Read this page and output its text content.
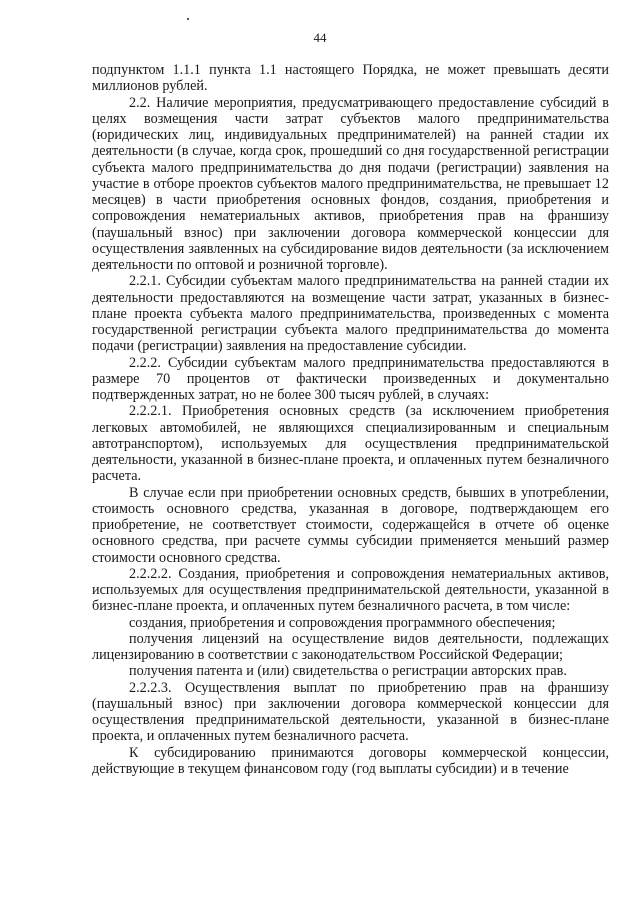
44

подпунктом 1.1.1 пункта 1.1 настоящего Порядка, не может превышать десяти миллионов рублей.

2.2. Наличие мероприятия, предусматривающего предоставление субсидий в целях возмещения части затрат субъектов малого предпринимательства (юридических лиц, индивидуальных предпринимателей) на ранней стадии их деятельности (в случае, когда срок, прошедший со дня государственной регистрации субъекта малого предпринимательства до дня подачи (регистрации) заявления на участие в отборе проектов субъектов малого предпринимательства, не превышает 12 месяцев) в части приобретения основных фондов, создания, приобретения и сопровождения нематериальных активов, приобретения прав на франшизу (паушальный взнос) при заключении договора коммерческой концессии для осуществления заявленных на субсидирование видов деятельности (за исключением деятельности по оптовой и розничной торговле).

2.2.1. Субсидии субъектам малого предпринимательства на ранней стадии их деятельности предоставляются на возмещение части затрат, указанных в бизнес-плане проекта субъекта малого предпринимательства, произведенных с момента государственной регистрации субъекта малого предпринимательства до момента подачи (регистрации) заявления на предоставление субсидии.

2.2.2. Субсидии субъектам малого предпринимательства предоставляются в размере 70 процентов от фактически произведенных и документально подтвержденных затрат, но не более 300 тысяч рублей, в случаях:

2.2.2.1. Приобретения основных средств (за исключением приобретения легковых автомобилей, не являющихся специализированным и специальным автотранспортом), используемых для осуществления предпринимательской деятельности, указанной в бизнес-плане проекта, и оплаченных путем безналичного расчета.

В случае если при приобретении основных средств, бывших в употреблении, стоимость основного средства, указанная в договоре, подтверждающем его приобретение, не соответствует стоимости, содержащейся в отчете об оценке основного средства, при расчете суммы субсидии применяется меньший размер стоимости основного средства.

2.2.2.2. Создания, приобретения и сопровождения нематериальных активов, используемых для осуществления предпринимательской деятельности, указанной в бизнес-плане проекта, и оплаченных путем безналичного расчета, в том числе:

создания, приобретения и сопровождения программного обеспечения;

получения лицензий на осуществление видов деятельности, подлежащих лицензированию в соответствии с законодательством Российской Федерации;

получения патента и (или) свидетельства о регистрации авторских прав.

2.2.2.3. Осуществления выплат по приобретению прав на франшизу (паушальный взнос) при заключении договора коммерческой концессии для осуществления предпринимательской деятельности, указанной в бизнес-плане проекта, и оплаченных путем безналичного расчета.

К субсидированию принимаются договоры коммерческой концессии, действующие в текущем финансовом году (год выплаты субсидии) и в течение
